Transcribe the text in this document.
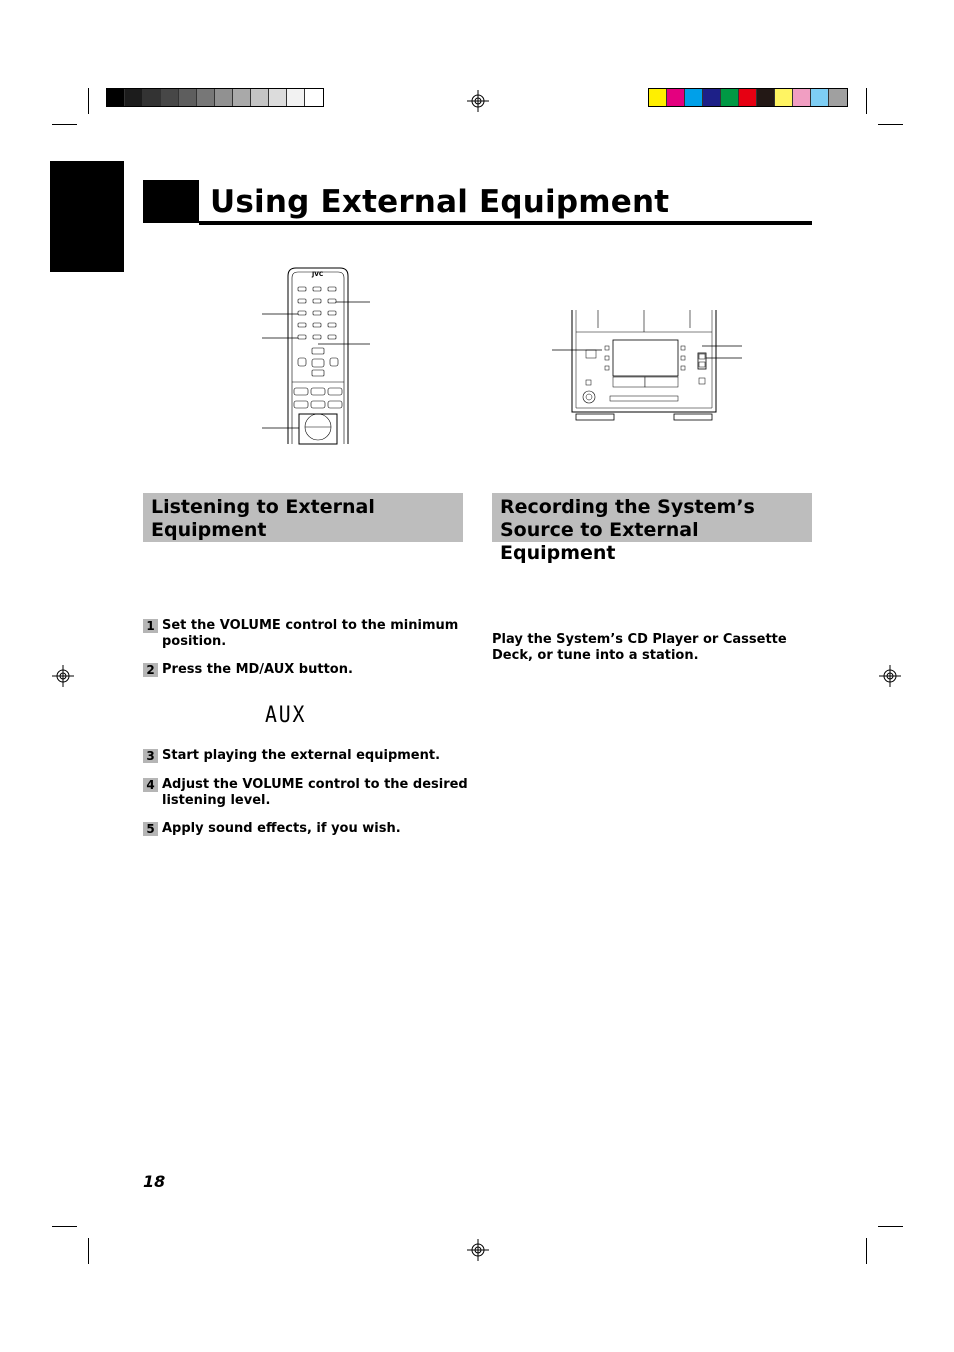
Using External Equipment
JVC
Listening to External
Equipment
Recording the System’s
Source to External Equipment
1 Set the VOLUME control to the minimum position.
2 Press the MD/AUX button.
AUX
3 Start playing the external equipment.
4 Adjust the VOLUME control to the desired listening level.
5 Apply sound effects, if you wish.
Play the System’s CD Player or Cassette Deck, or tune into a station.
18
